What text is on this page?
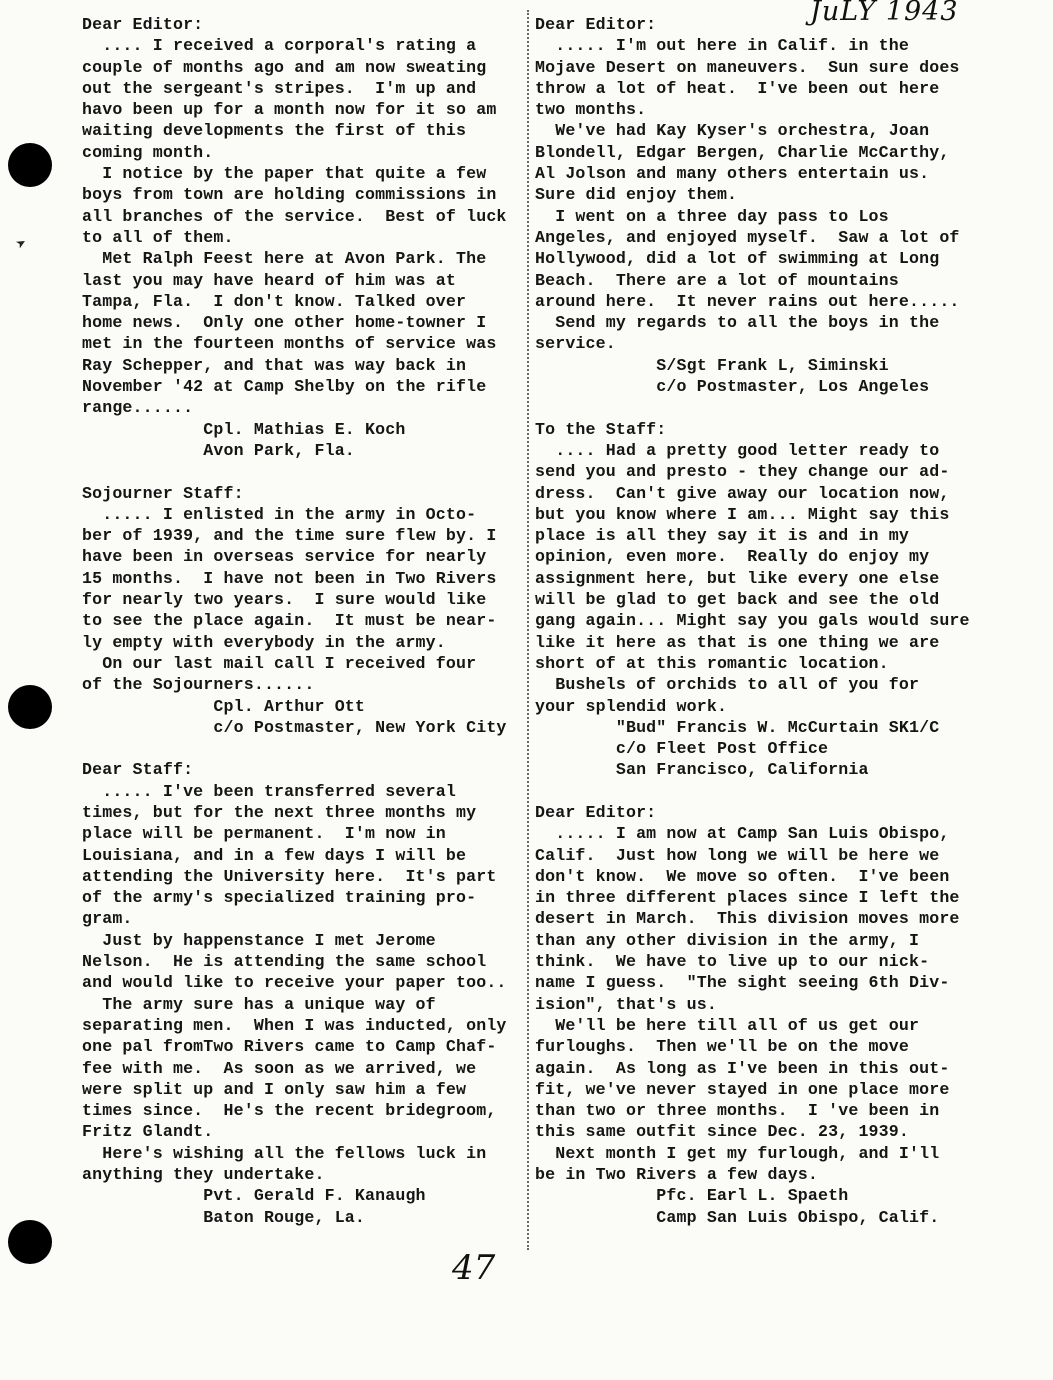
➤
JuLY 1943
Dear Editor:
.... I received a corporal's rating a
couple of months ago and am now sweating
out the sergeant's stripes.  I'm up and
havo been up for a month now for it so am
waiting developments the first of this
coming month.
I notice by the paper that quite a few
boys from town are holding commissions in
all branches of the service.  Best of luck
to all of them.
Met Ralph Feest here at Avon Park. The
last you may have heard of him was at
Tampa, Fla.  I don't know. Talked over
home news.  Only one other home-towner I
met in the fourteen months of service was
Ray Schepper, and that was way back in
November '42 at Camp Shelby on the rifle
range......
Cpl. Mathias E. Koch
Avon Park, Fla.
Sojourner Staff:
..... I enlisted in the army in Octo-
ber of 1939, and the time sure flew by. I
have been in overseas service for nearly
15 months.  I have not been in Two Rivers
for nearly two years.  I sure would like
to see the place again.  It must be near-
ly empty with everybody in the army.
On our last mail call I received four
of the Sojourners......
Cpl. Arthur Ott
c/o Postmaster, New York City
Dear Staff:
..... I've been transferred several
times, but for the next three months my
place will be permanent.  I'm now in
Louisiana, and in a few days I will be
attending the University here.  It's part
of the army's specialized training pro-
gram.
Just by happenstance I met Jerome
Nelson.  He is attending the same school
and would like to receive your paper too..
The army sure has a unique way of
separating men.  When I was inducted, only
one pal fromTwo Rivers came to Camp Chaf-
fee with me.  As soon as we arrived, we
were split up and I only saw him a few
times since.  He's the recent bridegroom,
Fritz Glandt.
Here's wishing all the fellows luck in
anything they undertake.
Pvt. Gerald F. Kanaugh
Baton Rouge, La.
Dear Editor:
..... I'm out here in Calif. in the
Mojave Desert on maneuvers.  Sun sure does
throw a lot of heat.  I've been out here
two months.
We've had Kay Kyser's orchestra, Joan
Blondell, Edgar Bergen, Charlie McCarthy,
Al Jolson and many others entertain us.
Sure did enjoy them.
I went on a three day pass to Los
Angeles, and enjoyed myself.  Saw a lot of
Hollywood, did a lot of swimming at Long
Beach.  There are a lot of mountains
around here.  It never rains out here.....
Send my regards to all the boys in the
service.
S/Sgt Frank L, Siminski
c/o Postmaster, Los Angeles
To the Staff:
.... Had a pretty good letter ready to
send you and presto - they change our ad-
dress.  Can't give away our location now,
but you know where I am... Might say this
place is all they say it is and in my
opinion, even more.  Really do enjoy my
assignment here, but like every one else
will be glad to get back and see the old
gang again... Might say you gals would sure
like it here as that is one thing we are
short of at this romantic location.
Bushels of orchids to all of you for
your splendid work.
"Bud" Francis W. McCurtain SK1/C
c/o Fleet Post Office
San Francisco, California
Dear Editor:
..... I am now at Camp San Luis Obispo,
Calif.  Just how long we will be here we
don't know.  We move so often.  I've been
in three different places since I left the
desert in March.  This division moves more
than any other division in the army, I
think.  We have to live up to our nick-
name I guess.  "The sight seeing 6th Div-
ision", that's us.
We'll be here till all of us get our
furloughs.  Then we'll be on the move
again.  As long as I've been in this out-
fit, we've never stayed in one place more
than two or three months.  I 've been in
this same outfit since Dec. 23, 1939.
Next month I get my furlough, and I'll
be in Two Rivers a few days.
Pfc. Earl L. Spaeth
Camp San Luis Obispo, Calif.
47
